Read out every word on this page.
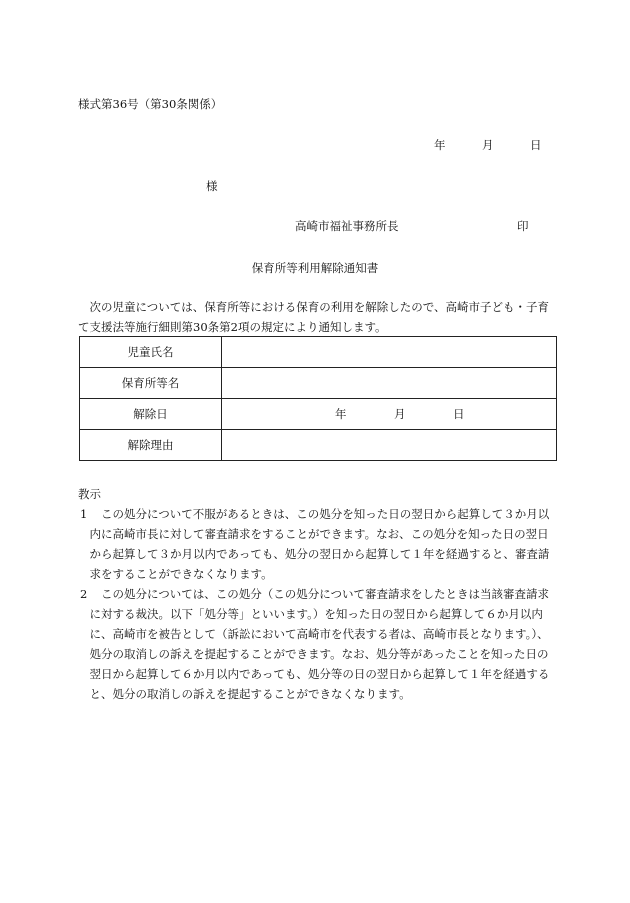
様式第36号（第30条関係）
年	月	日
様
高崎市福祉事務所長	印
保育所等利用解除通知書
次の児童については、保育所等における保育の利用を解除したので、高崎市子ども・子育て支援法等施行細則第30条第2項の規定により通知します。
児童氏名	
保育所等名	
解除日	年 月 日

解除理由	
教示
1	この処分について不服があるときは、この処分を知った日の翌日から起算して３か月以内に高崎市長に対して審査請求をすることができます。なお、この処分を知った日の翌日から起算して３か月以内であっても、処分の翌日から起算して１年を経過すると、審査請求をすることができなくなります。
2	この処分については、この処分（この処分について審査請求をしたときは当該審査請求に対する裁決。以下「処分等」といいます。）を知った日の翌日から起算して６か月以内に、高崎市を被告として（訴訟において高崎市を代表する者は、高崎市長となります。）、処分の取消しの訴えを提起することができます。なお、処分等があったことを知った日の翌日から起算して６か月以内であっても、処分等の日の翌日から起算して１年を経過すると、処分の取消しの訴えを提起することができなくなります。
